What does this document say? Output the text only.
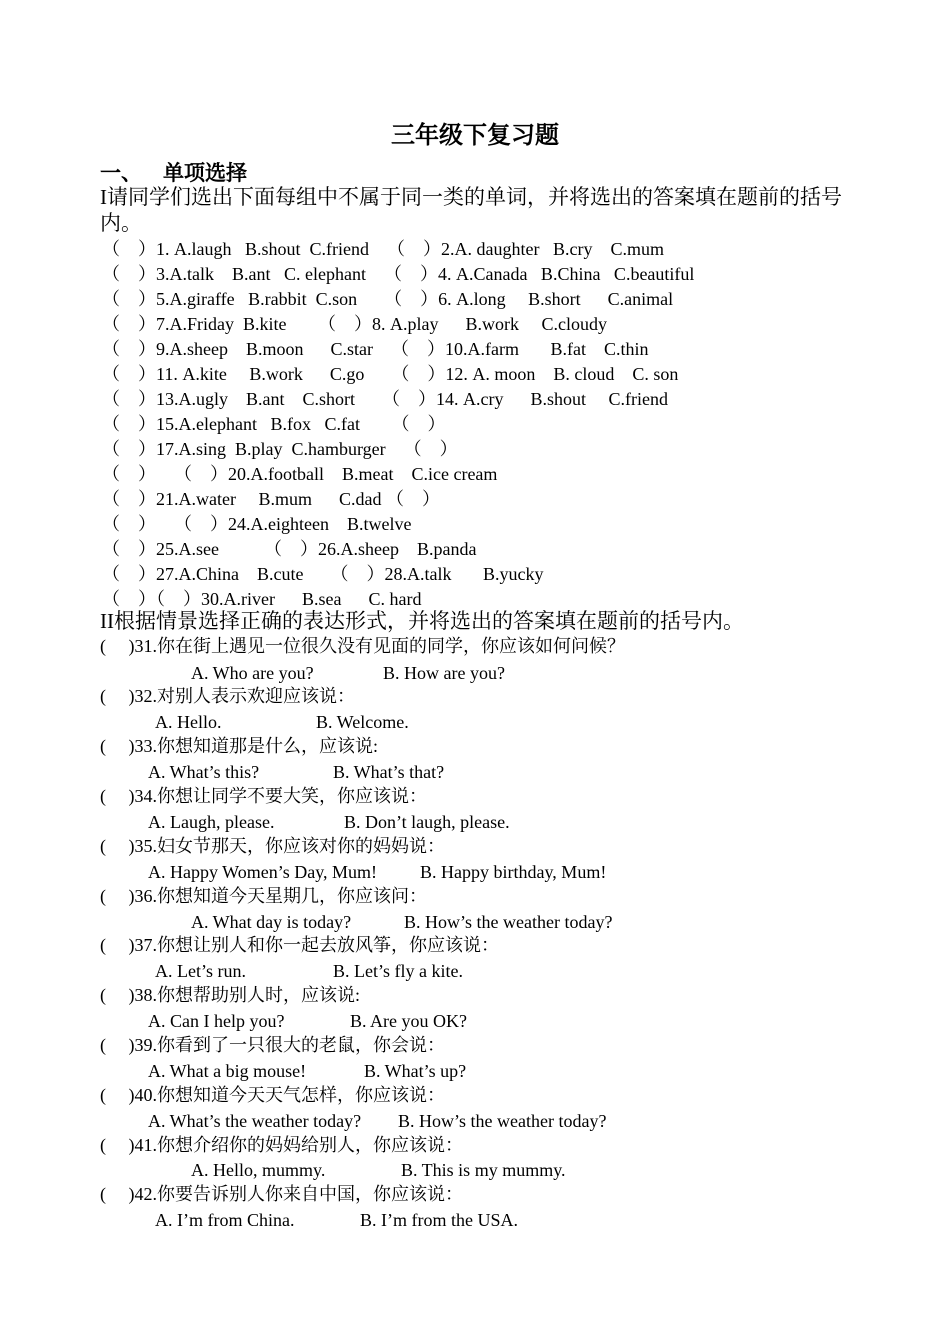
三年级下复习题
一、    单项选择
I请同学们选出下面每组中不属于同一类的单词，并将选出的答案填在题前的括号内。
（    ）1. A.laugh   B.shout  C.friend    （    ）2.A. daughter   B.cry    C.mum
（    ）3.A.talk    B.ant   C. elephant    （    ）4. A.Canada   B.China   C.beautiful
（    ）5.A.giraffe   B.rabbit  C.son      （    ）6. A.long     B.short      C.animal
（    ）7.A.Friday  B.kite       （    ）8. A.play      B.work     C.cloudy
（    ）9.A.sheep    B.moon      C.star    （    ）10.A.farm       B.fat    C.thin
（    ）11. A.kite     B.work      C.go      （    ）12. A. moon    B. cloud    C. son
（    ）13.A.ugly    B.ant    C.short      （    ）14. A.cry      B.shout     C.friend
（    ）15.A.elephant   B.fox   C.fat       （    ）
（    ）17.A.sing  B.play  C.hamburger    （    ）
（    ）    （    ）20.A.football    B.meat    C.ice cream
（    ）21.A.water     B.mum      C.dad （    ）
（    ）    （    ）24.A.eighteen    B.twelve
（    ）25.A.see          （    ）26.A.sheep    B.panda
（    ）27.A.China    B.cute      （    ）28.A.talk       B.yucky
（    ）（    ）30.A.river      B.sea      C. hard
II根据情景选择正确的表达形式，并将选出的答案填在题前的括号内。
(     )31.你在街上遇见一位很久没有见面的同学，你应该如何问候？
A. Who are you?	B. How are you?
(     )32.对别人表示欢迎应该说：
A. Hello.	B. Welcome.
(     )33.你想知道那是什么，应该说:
A. What’s this?	B. What’s that?
(     )34.你想让同学不要大笑，你应该说：
A. Laugh, please.	B. Don’t laugh, please.
(     )35.妇女节那天，你应该对你的妈妈说：
A. Happy Women’s Day, Mum! B. Happy birthday, Mum!
(     )36.你想知道今天星期几，你应该问：
A. What day is today?	B. How’s the weather today?
(     )37.你想让别人和你一起去放风筝，你应该说：
A. Let’s run.	B. Let’s fly a kite.
(     )38.你想帮助别人时，应该说:
A. Can I help you?	B. Are you OK?
(     )39.你看到了一只很大的老鼠，你会说：
A. What a big mouse!	B. What’s up?
(     )40.你想知道今天天气怎样，你应该说：
A. What’s the weather today? B. How’s the weather today?
(     )41.你想介绍你的妈妈给别人，你应该说：
A. Hello, mummy.	B. This is my mummy.
(     )42.你要告诉别人你来自中国，你应该说：
A. I’m from China.	B. I’m from the USA.
